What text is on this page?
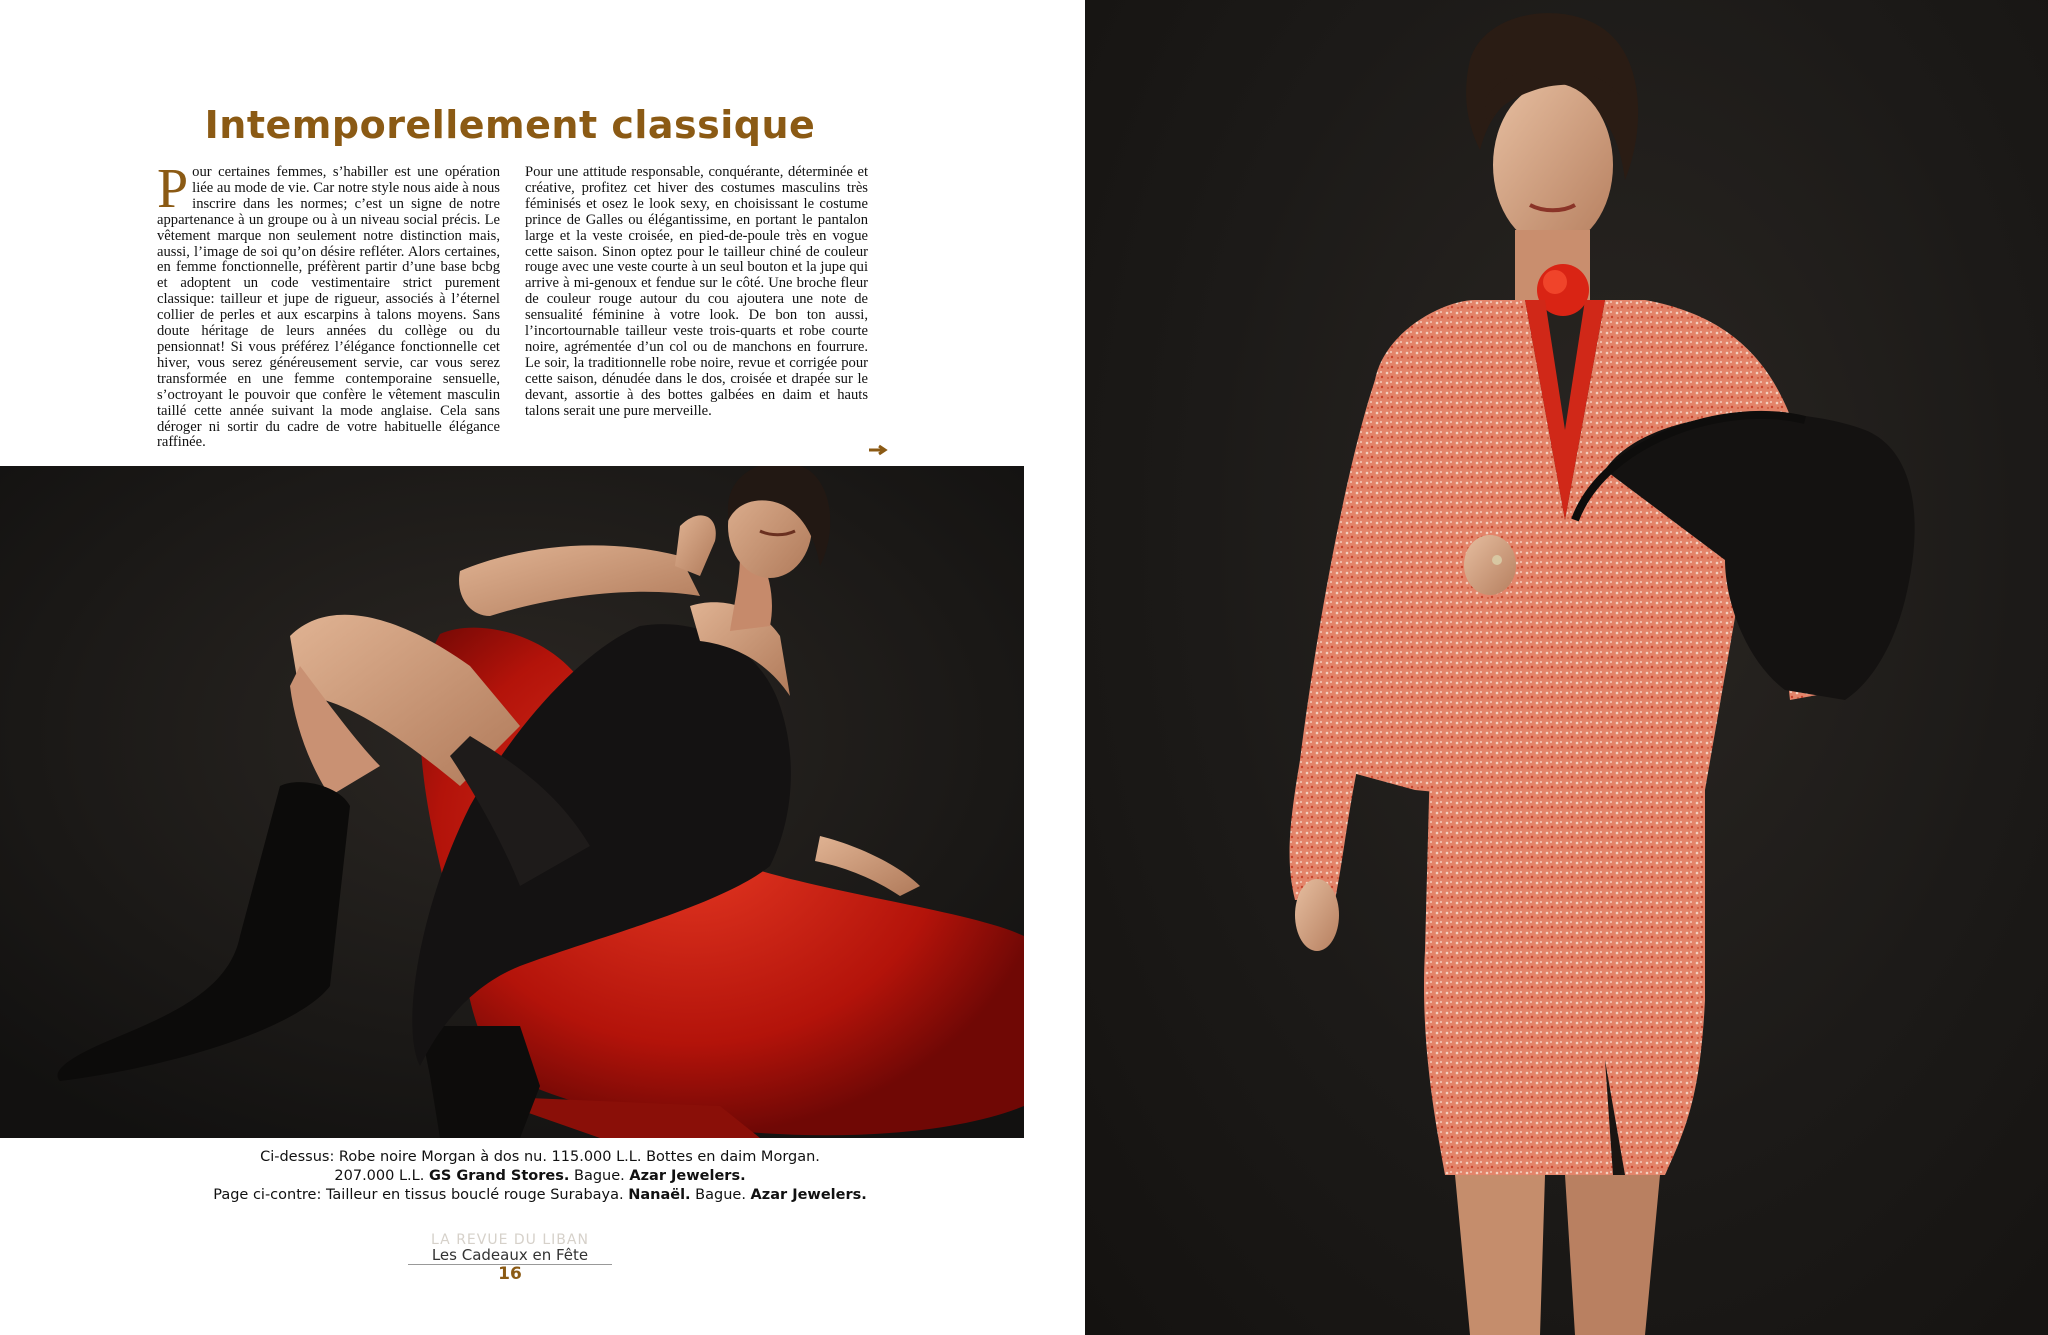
Intemporellement classique

Pour certaines femmes, s’habiller est une opération liée au mode de vie. Car notre style nous aide à nous inscrire dans les normes; c’est un signe de notre appartenance à un groupe ou à un niveau social précis. Le vêtement marque non seulement notre distinction mais, aussi, l’image de soi qu’on désire refléter. Alors certaines, en femme fonctionnelle, préfèrent partir d’une base bcbg et adoptent un code vestimentaire strict purement classique: tailleur et jupe de rigueur, associés à l’éternel collier de perles et aux escarpins à talons moyens. Sans doute héritage de leurs années du collège ou du pensionnat! Si vous préférez l’élégance fonctionnelle cet hiver, vous serez généreusement servie, car vous serez transformée en une femme contemporaine sensuelle, s’octroyant le pouvoir que confère le vêtement masculin taillé cette année suivant la mode anglaise. Cela sans déroger ni sortir du cadre de votre habituelle élégance raffinée.

Pour une attitude responsable, conquérante, déterminée et créative, profitez cet hiver des costumes masculins très féminisés et osez le look sexy, en choisissant le costume prince de Galles ou élégantissime, en portant le pantalon large et la veste croisée, en pied-de-poule très en vogue cette saison. Sinon optez pour le tailleur chiné de couleur rouge avec une veste courte à un seul bouton et la jupe qui arrive à mi-genoux et fendue sur le côté. Une broche fleur de couleur rouge autour du cou ajoutera une note de sensualité féminine à votre look. De bon ton aussi, l’incortournable tailleur veste trois-quarts et robe courte noire, agrémentée d’un col ou de manchons en fourrure. Le soir, la traditionnelle robe noire, revue et corrigée pour cette saison, dénudée dans le dos, croisée et drapée sur le devant, assortie à des bottes galbées en daim et hauts talons serait une pure merveille.

Ci-dessus: Robe noire Morgan à dos nu. 115.000 L.L. Bottes en daim Morgan.
207.000 L.L. GS Grand Stores. Bague. Azar Jewelers.
Page ci-contre: Tailleur en tissus bouclé rouge Surabaya. Nanaël. Bague. Azar Jewelers.
LA REVUE DU LIBAN
Les Cadeaux en Fête
16
